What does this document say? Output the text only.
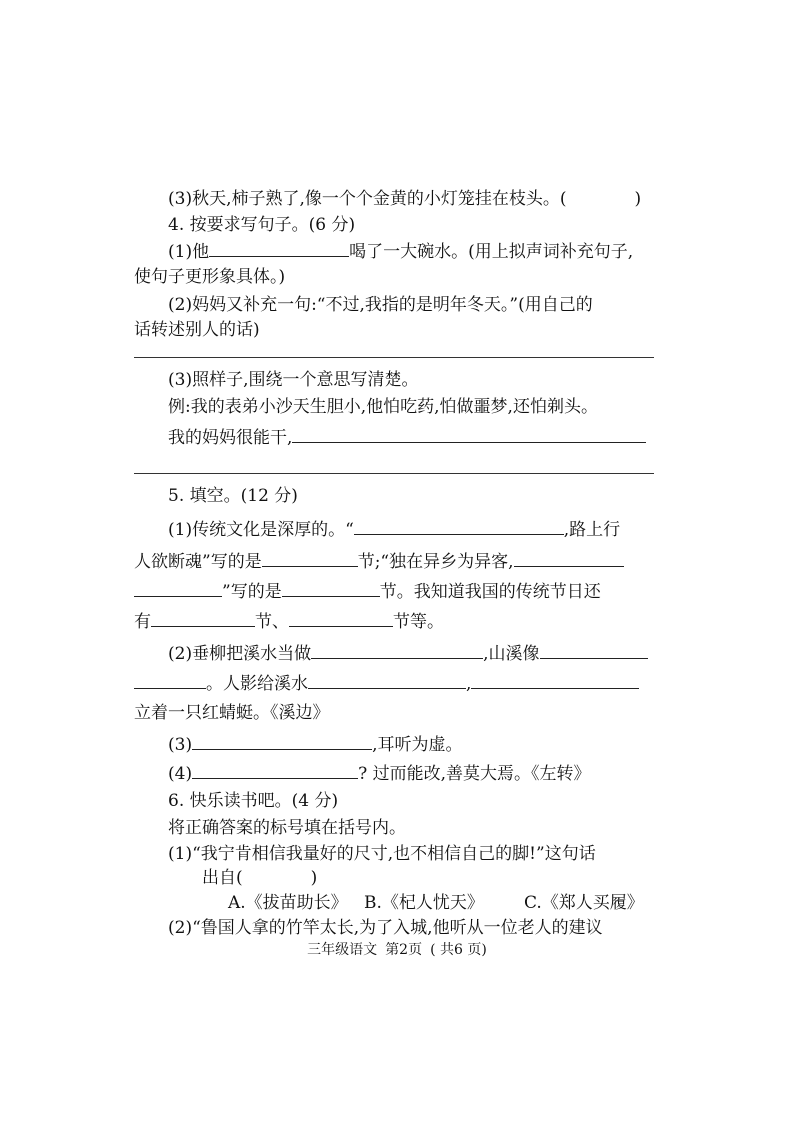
(3)秋天,柿子熟了,像一个个金黄的小灯笼挂在枝头。(　　　　)
4. 按要求写句子。(6 分)
(1)他	喝了一大碗水。(用上拟声词补充句子,
使句子更形象具体。)
(2)妈妈又补充一句:“不过,我指的是明年冬天。”(用自己的
话转述别人的话)
(3)照样子,围绕一个意思写清楚。
例:我的表弟小沙天生胆小,他怕吃药,怕做噩梦,还怕剃头。
我的妈妈很能干,
5. 填空。(12 分)
(1)传统文化是深厚的。“	,路上行
人欲断魂”写的是	节;“独在异乡为异客,
”写的是	节。我知道我国的传统节日还
有	节、	节等。
(2)垂柳把溪水当做	,山溪像
。人影给溪水	,
立着一只红蜻蜓。《溪边》
(3)	,耳听为虚。
(4)	? 过而能改,善莫大焉。《左转》
6. 快乐读书吧。(4 分)
将正确答案的标号填在括号内。
(1)“我宁肯相信我量好的尺寸,也不相信自己的脚!”这句话
出自(　　　　)
A.《拔苗助长》 B.《杞人忧天》 C.《郑人买履》
(2)“鲁国人拿的竹竿太长,为了入城,他听从一位老人的建议
三年级语文 第2页 ( 共6 页)
